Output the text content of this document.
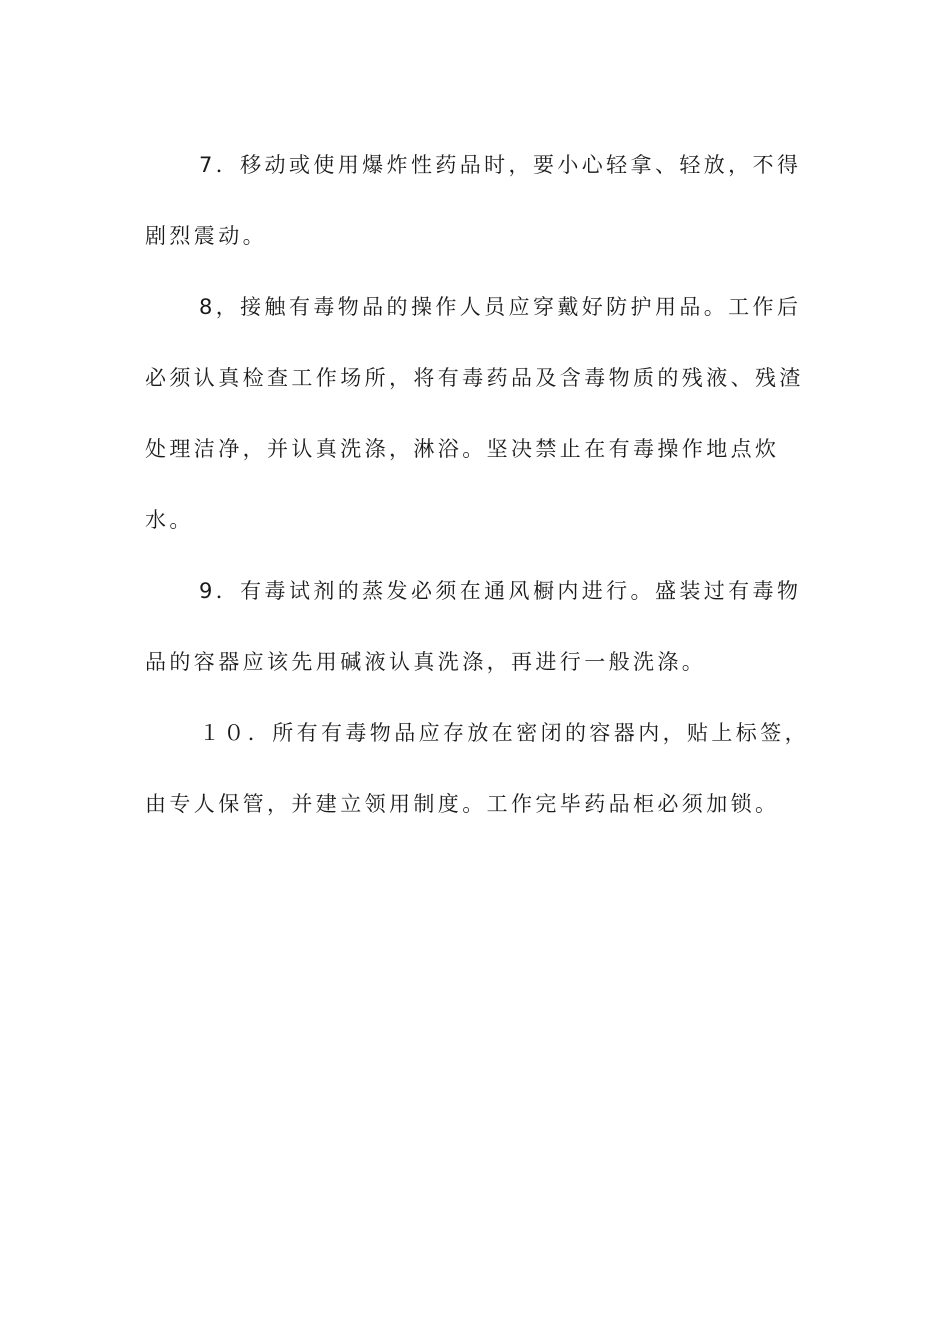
7．移动或使用爆炸性药品时，要小心轻拿、轻放，不得剧烈震动。

8，接触有毒物品的操作人员应穿戴好防护用品。工作后必须认真检查工作场所，将有毒药品及含毒物质的残液、残渣处理洁净，并认真洗涤，淋浴。坚决禁止在有毒操作地点炊水。

9．有毒试剂的蒸发必须在通风橱内进行。盛装过有毒物品的容器应该先用碱液认真洗涤，再进行一般洗涤。

１０．所有有毒物品应存放在密闭的容器内，贴上标签，由专人保管，并建立领用制度。工作完毕药品柜必须加锁。
